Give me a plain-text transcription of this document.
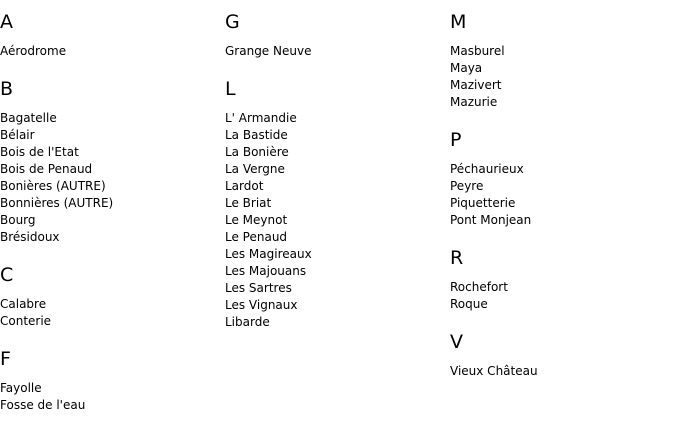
A
Aérodrome
B
Bagatelle
Bélair
Bois de l'Etat
Bois de Penaud
Bonières (AUTRE)
Bonnières (AUTRE)
Bourg
Brésidoux
C
Calabre
Conterie
F
Fayolle
Fosse de l'eau
G
Grange Neuve
L
L' Armandie
La Bastide
La Bonière
La Vergne
Lardot
Le Briat
Le Meynot
Le Penaud
Les Magireaux
Les Majouans
Les Sartres
Les Vignaux
Libarde
M
Masburel
Maya
Mazivert
Mazurie
P
Péchaurieux
Peyre
Piquetterie
Pont Monjean
R
Rochefort
Roque
V
Vieux Château
